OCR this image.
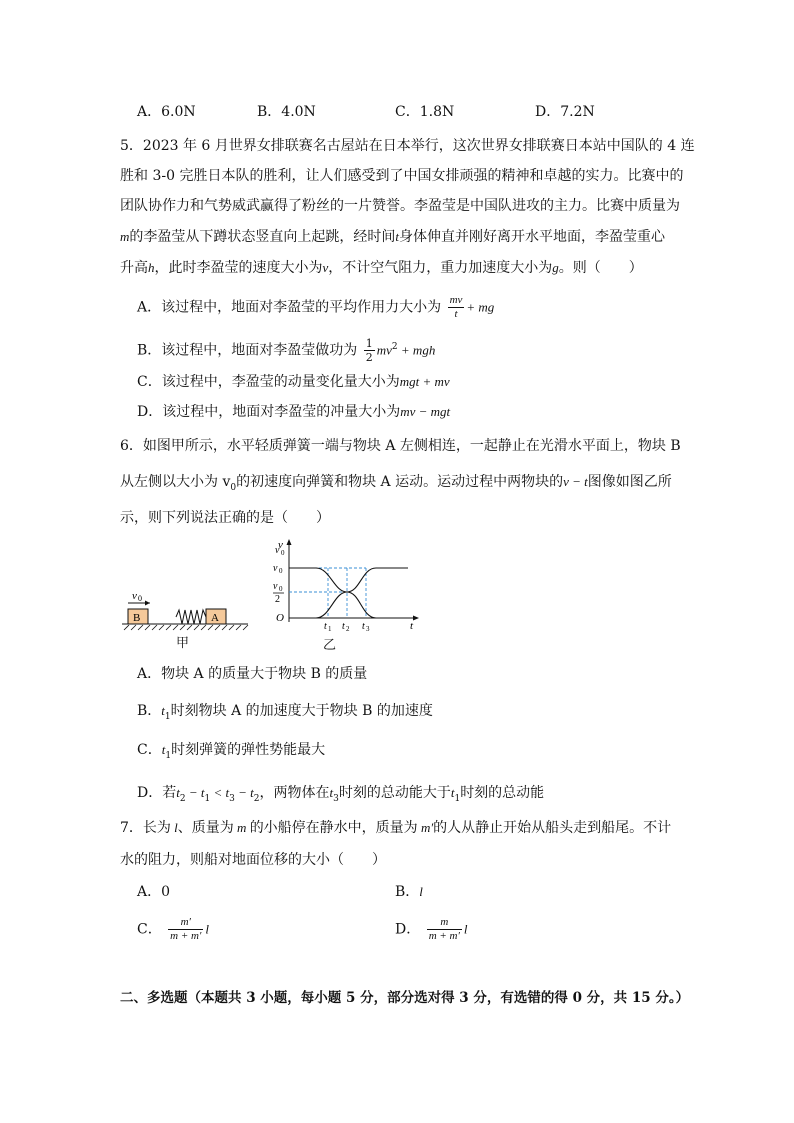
A．6.0N	B．4.0N	C．1.8N	D．7.2N
5．2023 年 6 月世界女排联赛名古屋站在日本举行，这次世界女排联赛日本站中国队的 4 连
胜和 3-0 完胜日本队的胜利，让人们感受到了中国女排顽强的精神和卓越的实力。比赛中的
团队协作力和气势威武赢得了粉丝的一片赞誉。李盈莹是中国队进攻的主力。比赛中质量为
m的李盈莹从下蹲状态竖直向上起跳，经时间t身体伸直并刚好离开水平地面，李盈莹重心
升高h，此时李盈莹的速度大小为v，不计空气阻力，重力加速度大小为g。则（　　）
A．该过程中，地面对李盈莹的平均作用力大小为 $\frac{mv}{t}$ + mg
B．该过程中，地面对李盈莹做功为 $\frac{1}{2} mv^2$ + mgh
C．该过程中，李盈莹的动量变化量大小为mgt + mv
D．该过程中，地面对李盈莹的冲量大小为mv − mgt
6．如图甲所示，水平轻质弹簧一端与物块 A 左侧相连，一起静止在光滑水平面上，物块 B
从左侧以大小为 $v_0$的初速度向弹簧和物块 A 运动。运动过程中两物块的v − t图像如图乙所
示，则下列说法正确的是（　　）
v 0
B	A
甲
v
t
O
v 0
v 0
2
v 0
t 1 t 2 t 3
乙
A．物块 A 的质量大于物块 B 的质量
B．$t_1$时刻物块 A 的加速度大于物块 B 的加速度
C．$t_1$时刻弹簧的弹性势能最大
D．若$t_2 - t_1 < t_3 - t_2$，两物体在$t_3$时刻的总动能大于$t_1$时刻的总动能
7．长为 l、质量为 m 的小船停在静水中，质量为 m′的人从静止开始从船头走到船尾。不计
水的阻力，则船对地面位移的大小（　　）
A．0	B．l
C． $\frac{m'}{m + m'}$ l	D． $\frac{m}{m + m'}$ l
二、多选题（本题共 3 小题，每小题 5 分，部分选对得 3 分，有选错的得 0 分，共 15 分。）
